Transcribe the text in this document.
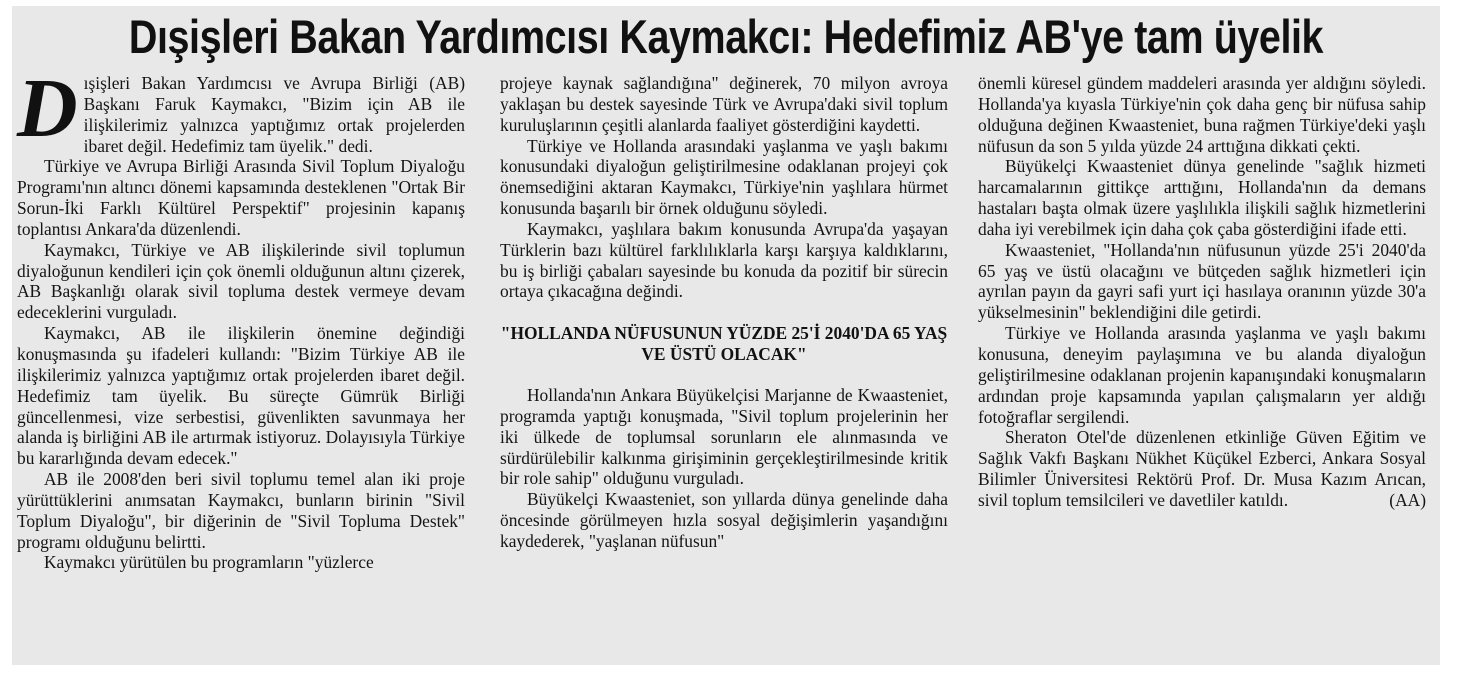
Dışişleri Bakan Yardımcısı Kaymakcı: Hedefimiz AB'ye tam üyelik

Dışişleri Bakan Yardımcısı ve Avrupa Birliği (AB) Başkanı Faruk Kaymakcı, "Bizim için AB ile ilişkilerimiz yalnızca yaptığımız ortak projelerden ibaret değil. Hedefimiz tam üyelik." dedi.

Türkiye ve Avrupa Birliği Arasında Sivil Toplum Diyaloğu Programı'nın altıncı dönemi kapsamında desteklenen "Ortak Bir Sorun-İki Farklı Kültürel Perspektif" projesinin kapanış toplantısı Ankara'da düzenlendi.

Kaymakcı, Türkiye ve AB ilişkilerinde sivil toplumun diyaloğunun kendileri için çok önemli olduğunun altını çizerek, AB Başkanlığı olarak sivil topluma destek vermeye devam edeceklerini vurguladı.

Kaymakcı, AB ile ilişkilerin önemine değindiği konuşmasında şu ifadeleri kullandı: "Bizim Türkiye AB ile ilişkilerimiz yalnızca yaptığımız ortak projelerden ibaret değil. Hedefimiz tam üyelik. Bu süreçte Gümrük Birliği güncellenmesi, vize serbestisi, güvenlikten savunmaya her alanda iş birliğini AB ile artırmak istiyoruz. Dolayısıyla Türkiye bu kararlığında devam edecek."

AB ile 2008'den beri sivil toplumu temel alan iki proje yürüttüklerini anımsatan Kaymakcı, bunların birinin "Sivil Toplum Diyaloğu", bir diğerinin de "Sivil Topluma Destek" programı olduğunu belirtti.

Kaymakcı yürütülen bu programların "yüzlerce

projeye kaynak sağlandığına" değinerek, 70 milyon avroya yaklaşan bu destek sayesinde Türk ve Avrupa'daki sivil toplum kuruluşlarının çeşitli alanlarda faaliyet gösterdiğini kaydetti.

Türkiye ve Hollanda arasındaki yaşlanma ve yaşlı bakımı konusundaki diyaloğun geliştirilmesine odaklanan projeyi çok önemsediğini aktaran Kaymakcı, Türkiye'nin yaşlılara hürmet konusunda başarılı bir örnek olduğunu söyledi.

Kaymakcı, yaşlılara bakım konusunda Avrupa'da yaşayan Türklerin bazı kültürel farklılıklarla karşı karşıya kaldıklarını, bu iş birliği çabaları sayesinde bu konuda da pozitif bir sürecin ortaya çıkacağına değindi.

"HOLLANDA NÜFUSUNUN YÜZDE 25'İ 2040'DA 65 YAŞ VE ÜSTÜ OLACAK"

Hollanda'nın Ankara Büyükelçisi Marjanne de Kwaasteniet, programda yaptığı konuşmada, "Sivil toplum projelerinin her iki ülkede de toplumsal sorunların ele alınmasında ve sürdürülebilir kalkınma girişiminin gerçekleştirilmesinde kritik bir role sahip" olduğunu vurguladı.

Büyükelçi Kwaasteniet, son yıllarda dünya genelinde daha öncesinde görülmeyen hızla sosyal değişimlerin yaşandığını kaydederek, "yaşlanan nüfusun"

önemli küresel gündem maddeleri arasında yer aldığını söyledi. Hollanda'ya kıyasla Türkiye'nin çok daha genç bir nüfusa sahip olduğuna değinen Kwaasteniet, buna rağmen Türkiye'deki yaşlı nüfusun da son 5 yılda yüzde 24 arttığına dikkati çekti.

Büyükelçi Kwaasteniet dünya genelinde "sağlık hizmeti harcamalarının gittikçe arttığını, Hollanda'nın da demans hastaları başta olmak üzere yaşlılıkla ilişkili sağlık hizmetlerini daha iyi verebilmek için daha çok çaba gösterdiğini ifade etti.

Kwaasteniet, "Hollanda'nın nüfusunun yüzde 25'i 2040'da 65 yaş ve üstü olacağını ve bütçeden sağlık hizmetleri için ayrılan payın da gayri safi yurt içi hasılaya oranının yüzde 30'a yükselmesinin" beklendiğini dile getirdi.

Türkiye ve Hollanda arasında yaşlanma ve yaşlı bakımı konusuna, deneyim paylaşımına ve bu alanda diyaloğun geliştirilmesine odaklanan projenin kapanışındaki konuşmaların ardından proje kapsamında yapılan çalışmaların yer aldığı fotoğraflar sergilendi.

Sheraton Otel'de düzenlenen etkinliğe Güven Eğitim ve Sağlık Vakfı Başkanı Nükhet Küçükel Ezberci, Ankara Sosyal Bilimler Üniversitesi Rektörü Prof. Dr. Musa Kazım Arıcan, sivil toplum temsilcileri ve davetliler katıldı.	(AA)
